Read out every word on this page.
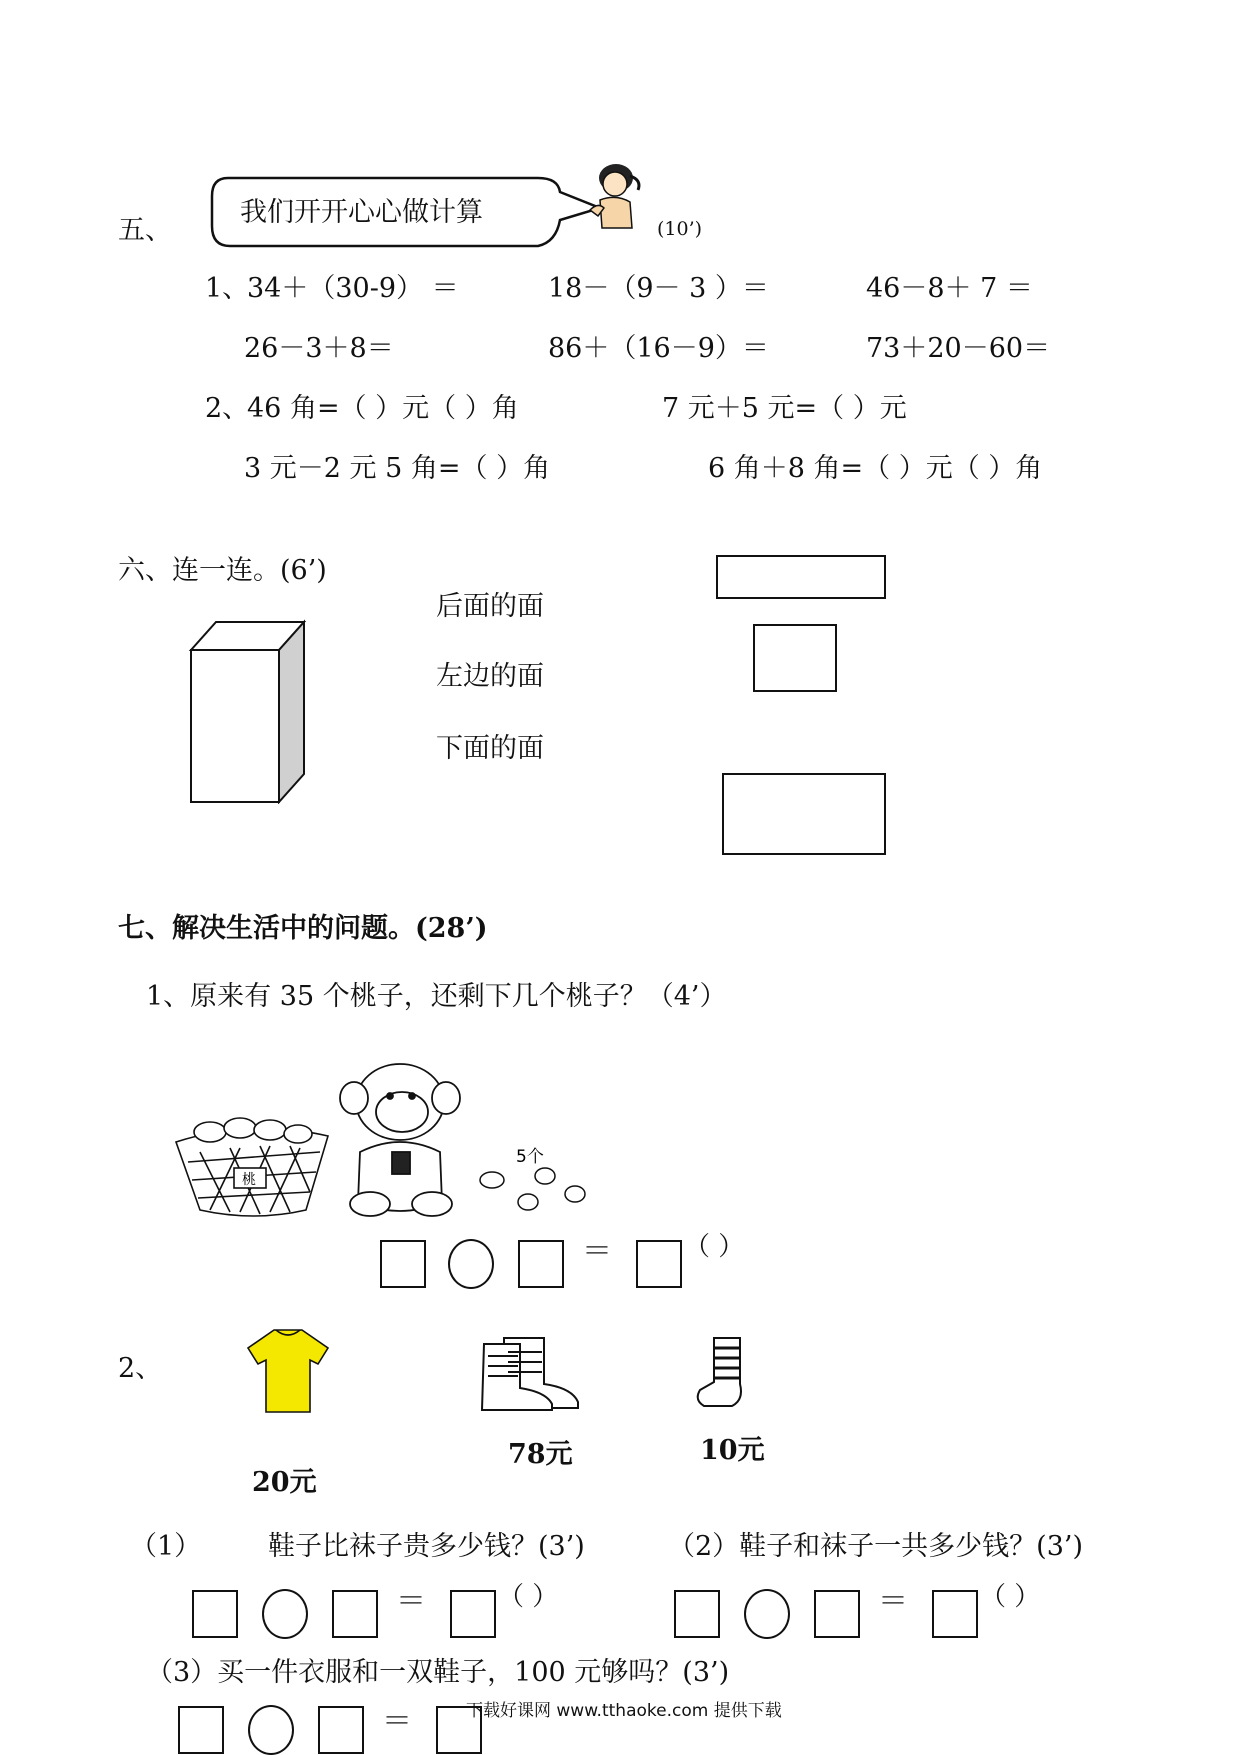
五、
我们开开心心做计算
(10’)
1、
34＋（30-9） ＝	18－（9－ 3 ）＝	46－8＋ 7 ＝
26－3＋8＝	86＋（16－9）＝	73＋20－60＝
2、
46 角=（ ）元（ ）角	7 元＋5 元=（ ）元
3 元－2 元 5 角=（ ）角	6 角＋8 角=（ ）元（ ）角
六、连一连。(6’)
后面的面
左边的面
下面的面
七、解决生活中的问题。(28’)
1、原来有 35 个桃子，还剩下几个桃子？（4’）
桃
5个
＝	（ ）
2、
20元
78元	10元
（1） 鞋子比袜子贵多少钱？(3’)	（2）鞋子和袜子一共多少钱？(3’)
＝	（ ）	＝	（ ）
（3）买一件衣服和一双鞋子，100 元够吗？(3’)
＝	下载好课网 www.tthaoke.com 提供下载
